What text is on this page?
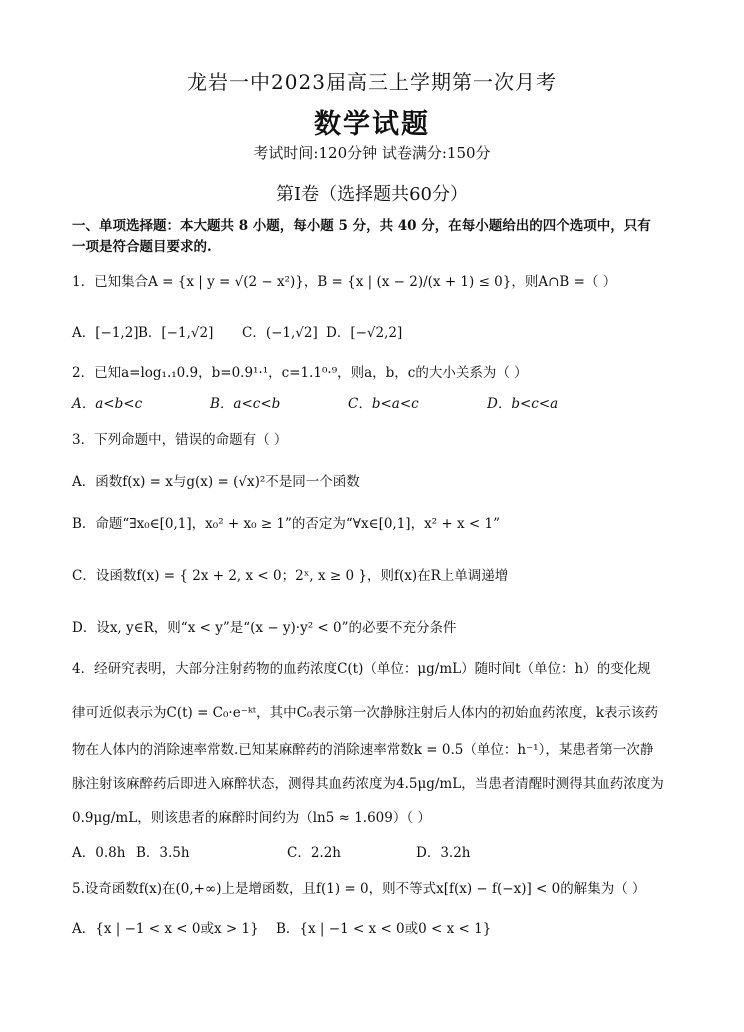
龙岩一中2023届高三上学期第一次月考
数学试题
考试时间:120分钟 试卷满分:150分
第Ⅰ卷（选择题共60分）
一、单项选择题：本大题共 8 小题，每小题 5 分，共 40 分，在每小题给出的四个选项中，只有
一项是符合题目要求的.
1．已知集合A = {x | y = √(2 − x²)}，B = {x | (x − 2)/(x + 1) ≤ 0}，则A∩B =（ ）
A．[−1,2] B．[−1,√2] C．(−1,√2] D．[−√2,2]
2．已知a=log₁.₁0.9，b=0.9¹·¹，c=1.1⁰·⁹，则a，b，c的大小关系为（ ）
A．a<b<c	B．a<c<b	C．b<a<c	D．b<c<a
3．下列命题中，错误的命题有（ ）
A．函数f(x) = x与g(x) = (√x)²不是同一个函数
B．命题“∃x₀∈[0,1]，x₀² + x₀ ≥ 1”的否定为“∀x∈[0,1]，x² + x < 1”
C．设函数f(x) = { 2x + 2, x < 0；2ˣ, x ≥ 0 }，则f(x)在R上单调递增
D．设x, y∈R，则“x < y”是“(x − y)·y² < 0”的必要不充分条件
4．经研究表明，大部分注射药物的血药浓度C(t)（单位：μg/mL）随时间t（单位：h）的变化规
律可近似表示为C(t) = C₀·e⁻ᵏᵗ，其中C₀表示第一次静脉注射后人体内的初始血药浓度，k表示该药
物在人体内的消除速率常数.已知某麻醉药的消除速率常数k = 0.5（单位：h⁻¹），某患者第一次静
脉注射该麻醉药后即进入麻醉状态，测得其血药浓度为4.5μg/mL，当患者清醒时测得其血药浓度为
0.9μg/mL，则该患者的麻醉时间约为（ln5 ≈ 1.609）（ ）
A．0.8h B．3.5h	C．2.2h	D．3.2h
5.设奇函数f(x)在(0,+∞)上是增函数，且f(1) = 0，则不等式x[f(x) − f(−x)] < 0的解集为（ ）
A．{x | −1 < x < 0或x > 1} B．{x | −1 < x < 0或0 < x < 1}
